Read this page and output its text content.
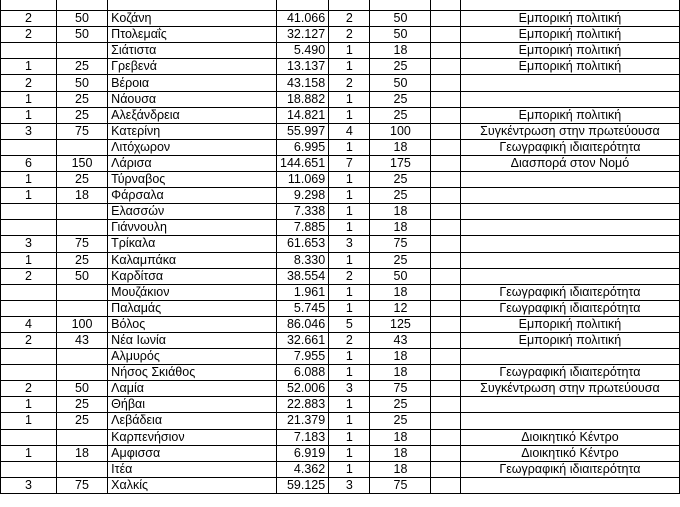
2	50	Κοζάνη	41.066	2	50		Εμπορική πολιτική
2	50	Πτολεμαΐς	32.127	2	50		Εμπορική πολιτική
		Σιάτιστα	5.490	1	18		Εμπορική πολιτική
1	25	Γρεβενά	13.137	1	25		Εμπορική πολιτική
2	50	Βέροια	43.158	2	50		
1	25	Νάουσα	18.882	1	25		
1	25	Αλεξάνδρεια	14.821	1	25		Εμπορική πολιτική
3	75	Κατερίνη	55.997	4	100		Συγκέντρωση στην πρωτεύουσα
		Λιτόχωρον	6.995	1	18		Γεωγραφική ιδιαιτερότητα
6	150	Λάρισα	144.651	7	175		Διασπορά στον Νομό
1	25	Τύρναβος	11.069	1	25		
1	18	Φάρσαλα	9.298	1	25		
		Ελασσών	7.338	1	18		
		Γιάννουλη	7.885	1	18		
3	75	Τρίκαλα	61.653	3	75		
1	25	Καλαμπάκα	8.330	1	25		
2	50	Καρδίτσα	38.554	2	50		
		Μουζάκιον	1.961	1	18		Γεωγραφική ιδιαιτερότητα
		Παλαμάς	5.745	1	12		Γεωγραφική ιδιαιτερότητα
4	100	Βόλος	86.046	5	125		Εμπορική πολιτική
2	43	Νέα Ιωνία	32.661	2	43		Εμπορική πολιτική
		Αλμυρός	7.955	1	18		
		Νήσος Σκιάθος	6.088	1	18		Γεωγραφική ιδιαιτερότητα
2	50	Λαμία	52.006	3	75		Συγκέντρωση στην πρωτεύουσα
1	25	Θήβαι	22.883	1	25		
1	25	Λεβάδεια	21.379	1	25		
		Καρπενήσιον	7.183	1	18		Διοικητικό Κέντρο
1	18	Αμφισσα	6.919	1	18		Διοικητικό Κέντρο
		Ιτέα	4.362	1	18		Γεωγραφική ιδιαιτερότητα
3	75	Χαλκίς	59.125	3	75		
